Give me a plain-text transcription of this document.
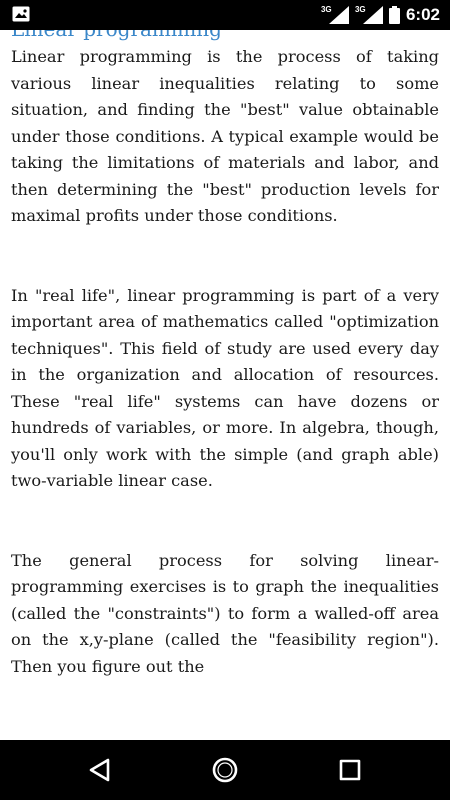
3G	3G 6:02

Linear programming is the process of taking various linear inequalities relating to some situation, and finding the "best" value obtainable under those conditions. A typical example would be taking the limitations of materials and labor, and then determining the "best" production levels for maximal profits under those conditions.

In "real life", linear programming is part of a very important area of mathematics called "optimization techniques". This field of study are used every day in the organization and allocation of resources. These "real life" systems can have dozens or hundreds of variables, or more. In algebra, though, you'll only work with the simple (and graph able) two-variable linear case.

The general process for solving linear-programming exercises is to graph the inequalities (called the "constraints") to form a walled-off area on the x,y-plane (called the "feasibility region"). Then you figure out the
